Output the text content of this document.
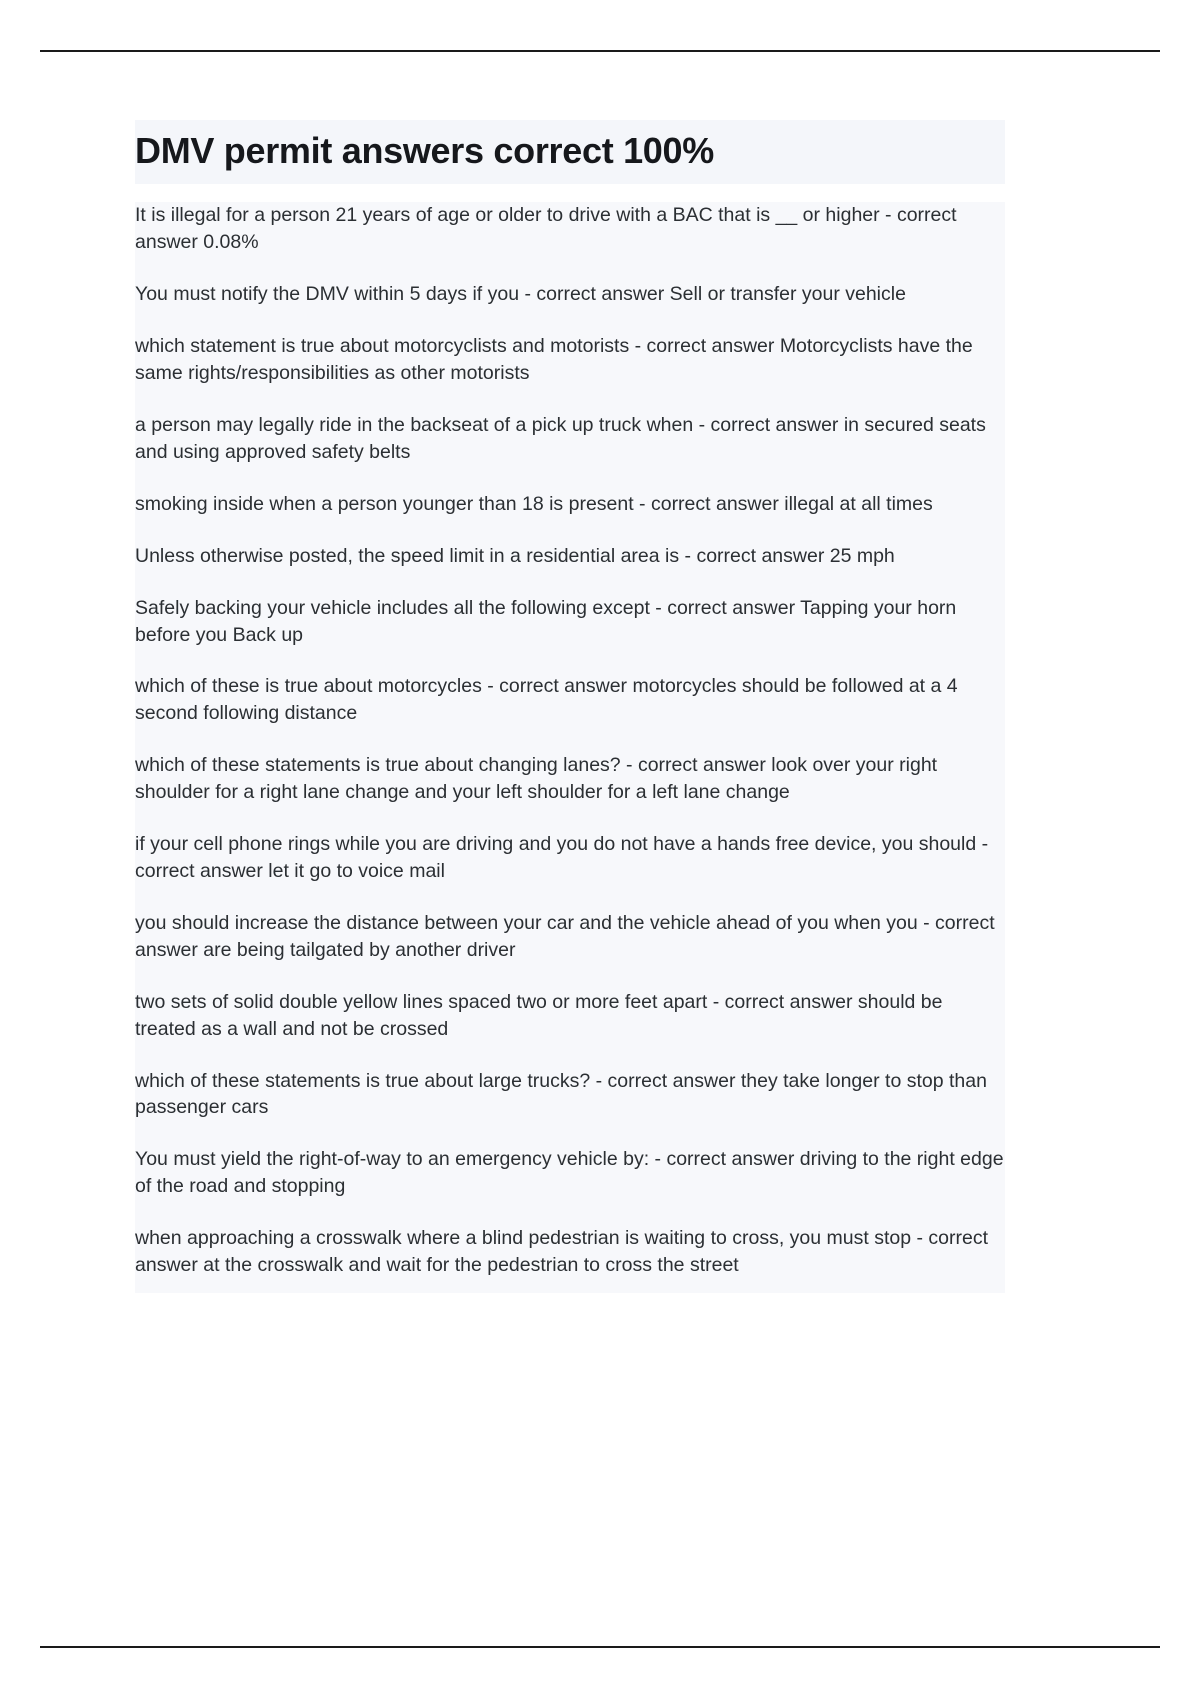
DMV permit answers correct 100%

It is illegal for a person 21 years of age or older to drive with a BAC that is __ or higher - correct answer 0.08%

You must notify the DMV within 5 days if you - correct answer Sell or transfer your vehicle

which statement is true about motorcyclists and motorists - correct answer Motorcyclists have the same rights/responsibilities as other motorists

a person may legally ride in the backseat of a pick up truck when - correct answer in secured seats and using approved safety belts

smoking inside when a person younger than 18 is present - correct answer illegal at all times

Unless otherwise posted, the speed limit in a residential area is - correct answer 25 mph

Safely backing your vehicle includes all the following except - correct answer Tapping your horn before you Back up

which of these is true about motorcycles - correct answer motorcycles should be followed at a 4 second following distance

which of these statements is true about changing lanes? - correct answer look over your right shoulder for a right lane change and your left shoulder for a left lane change

if your cell phone rings while you are driving and you do not have a hands free device, you should - correct answer let it go to voice mail

you should increase the distance between your car and the vehicle ahead of you when you - correct answer are being tailgated by another driver

two sets of solid double yellow lines spaced two or more feet apart - correct answer should be treated as a wall and not be crossed

which of these statements is true about large trucks? - correct answer they take longer to stop than passenger cars

You must yield the right-of-way to an emergency vehicle by: - correct answer driving to the right edge of the road and stopping

when approaching a crosswalk where a blind pedestrian is waiting to cross, you must stop - correct answer at the crosswalk and wait for the pedestrian to cross the street
